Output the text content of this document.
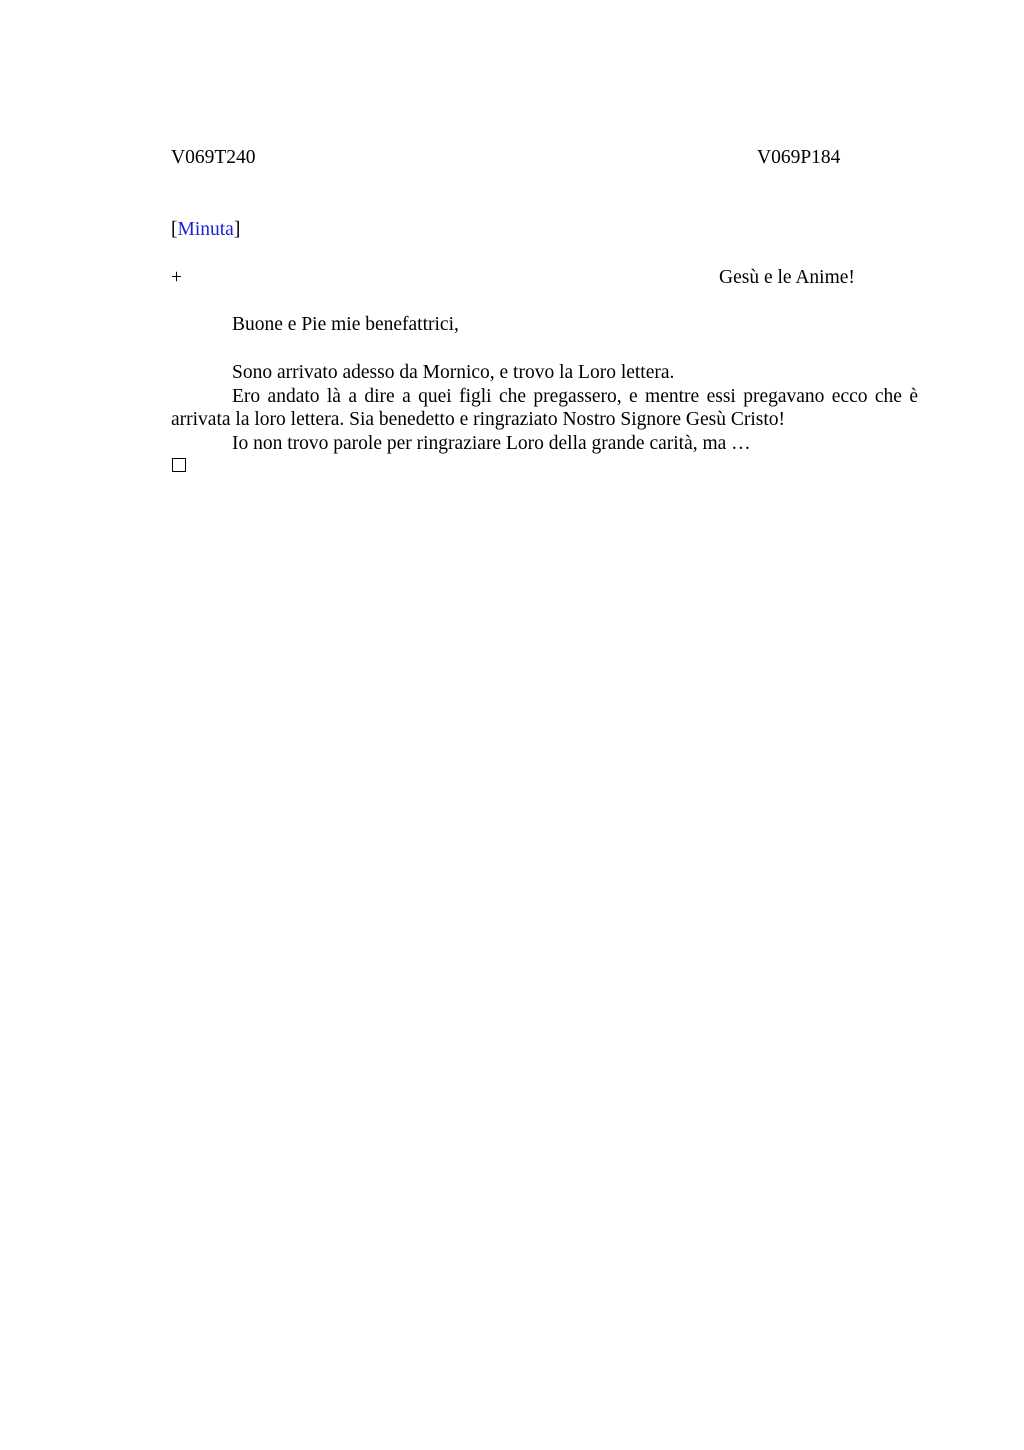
V069T240	V069P184
[Minuta]
+	Gesù e le Anime!
Buone e Pie mie benefattrici,

Sono arrivato adesso da Mornico, e trovo la Loro lettera.

Ero andato là a dire a quei figli che pregassero, e mentre essi pregavano ecco che è arrivata la loro lettera. Sia benedetto e ringraziato Nostro Signore Gesù Cristo!

Io non trovo parole per ringraziare Loro della grande carità, ma …
